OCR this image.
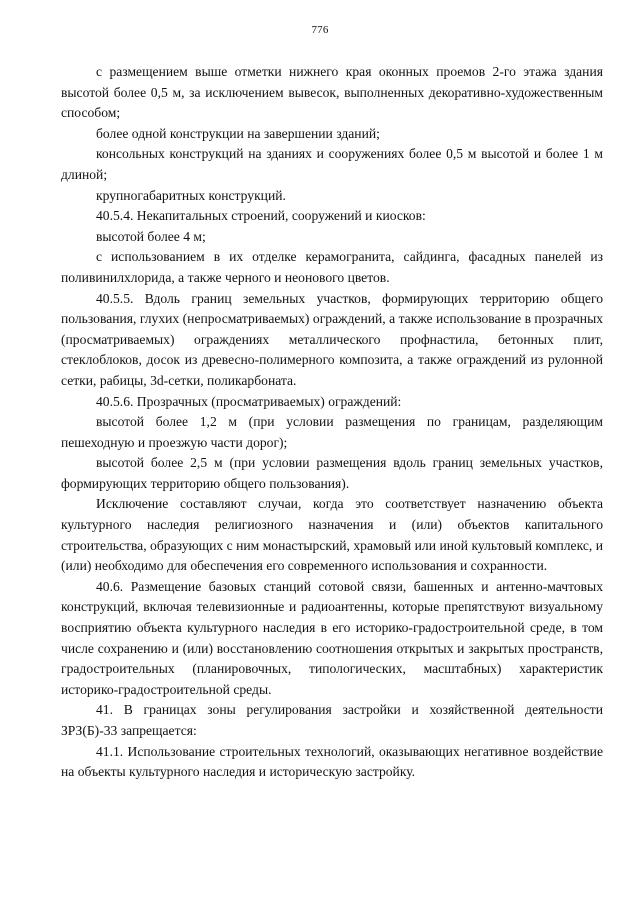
776

с размещением выше отметки нижнего края оконных проемов 2-го этажа здания высотой более 0,5 м, за исключением вывесок, выполненных декоративно-художественным способом;

более одной конструкции на завершении зданий;

консольных конструкций на зданиях и сооружениях более 0,5 м высотой и более 1 м длиной;

крупногабаритных конструкций.

40.5.4. Некапитальных строений, сооружений и киосков:

высотой более 4 м;

с использованием в их отделке керамогранита, сайдинга, фасадных панелей из поливинилхлорида, а также черного и неонового цветов.

40.5.5. Вдоль границ земельных участков, формирующих территорию общего пользования, глухих (непросматриваемых) ограждений, а также использование в прозрачных (просматриваемых) ограждениях металлического профнастила, бетонных плит, стеклоблоков, досок из древесно-полимерного композита, а также ограждений из рулонной сетки, рабицы, 3d-сетки, поликарбоната.

40.5.6. Прозрачных (просматриваемых) ограждений:

высотой более 1,2 м (при условии размещения по границам, разделяющим пешеходную и проезжую части дорог);

высотой более 2,5 м (при условии размещения вдоль границ земельных участков, формирующих территорию общего пользования).

Исключение составляют случаи, когда это соответствует назначению объекта культурного наследия религиозного назначения и (или) объектов капитального строительства, образующих с ним монастырский, храмовый или иной культовый комплекс, и (или) необходимо для обеспечения его современного использования и сохранности.

40.6. Размещение базовых станций сотовой связи, башенных и антенно-мачтовых конструкций, включая телевизионные и радиоантенны, которые препятствуют визуальному восприятию объекта культурного наследия в его историко-градостроительной среде, в том числе сохранению и (или) восстановлению соотношения открытых и закрытых пространств, градостроительных (планировочных, типологических, масштабных) характеристик историко-градостроительной среды.

41. В границах зоны регулирования застройки и хозяйственной деятельности ЗРЗ(Б)-33 запрещается:

41.1. Использование строительных технологий, оказывающих негативное воздействие на объекты культурного наследия и историческую застройку.
